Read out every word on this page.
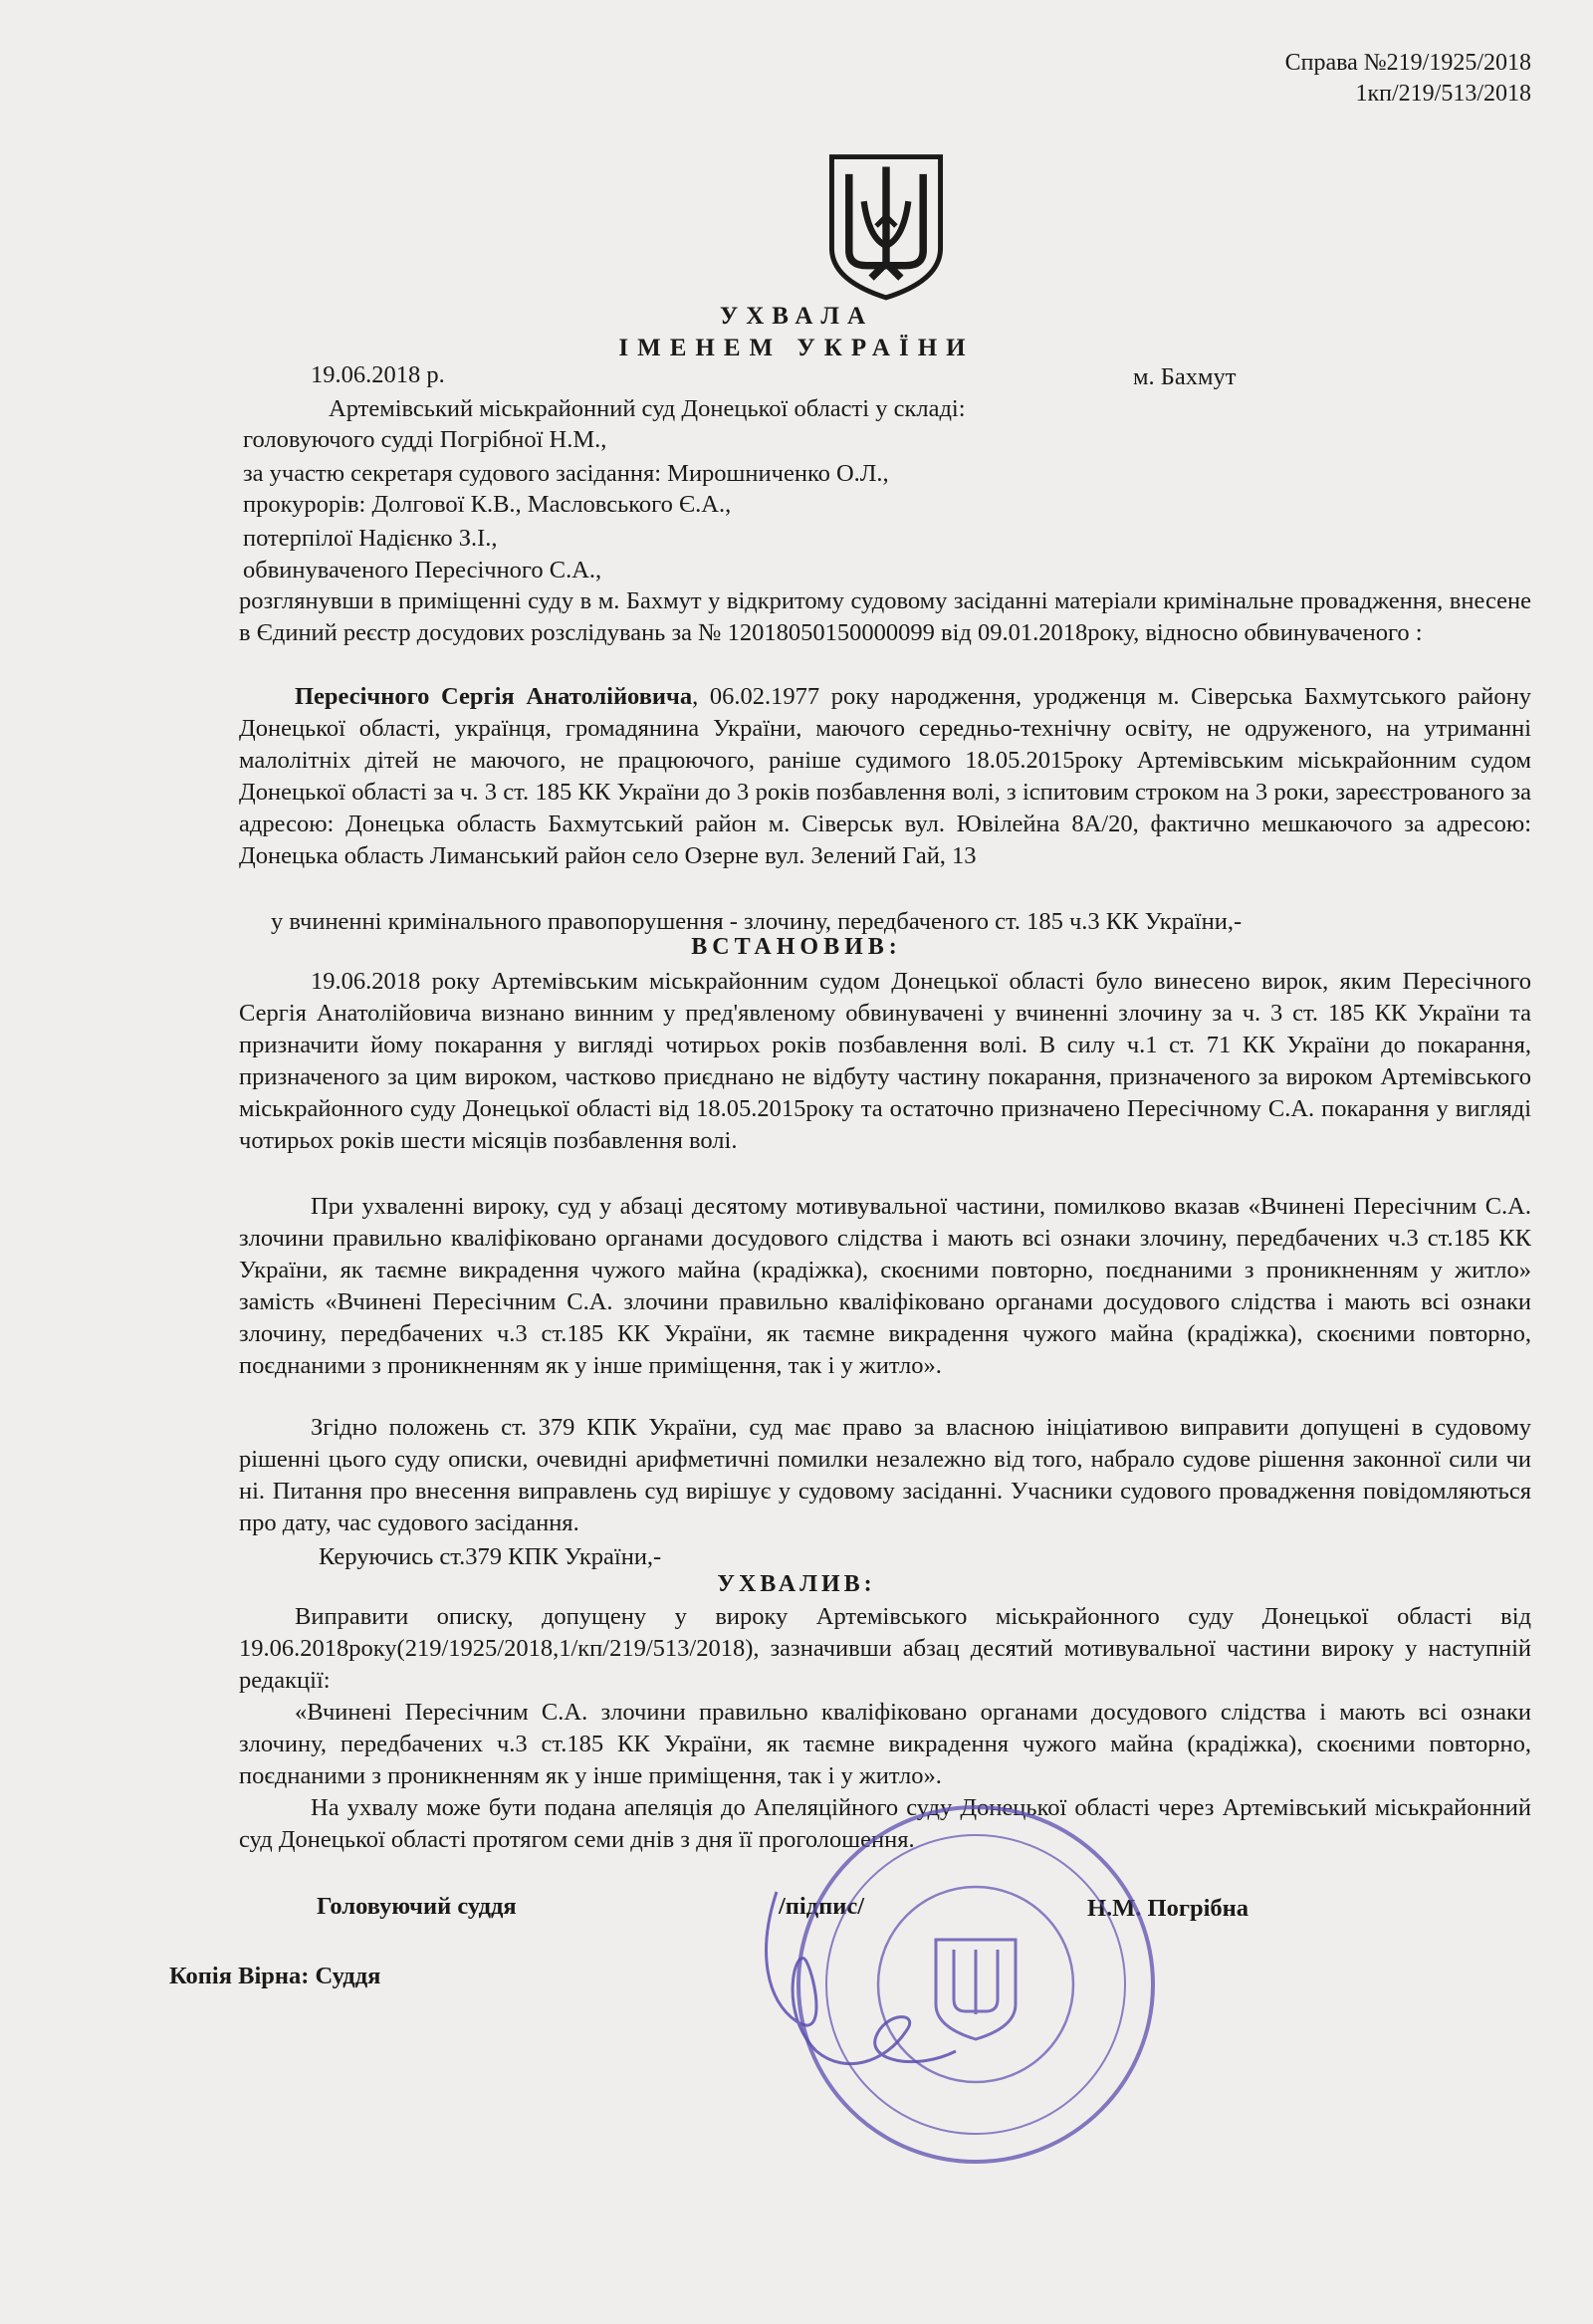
Справа №219/1925/2018
1кп/219/513/2018
УХВАЛА
ІМЕНЕМ УКРАЇНИ
19.06.2018 р.	м. Бахмут
Артемівський міськрайонний суд Донецької області у складі:
головуючого судді Погрібної Н.М.,
за участю секретаря судового засідання: Мирошниченко О.Л.,
прокурорів: Долгової К.В., Масловського Є.А.,
потерпілої Надієнко З.І.,
обвинуваченого Пересічного С.А.,
розглянувши в приміщенні суду в м. Бахмут у відкритому судовому засіданні матеріали кримінальне провадження, внесене в Єдиний реєстр досудових розслідувань за № 12018050150000099 від 09.01.2018року, відносно обвинуваченого :
Пересічного Сергія Анатолійовича, 06.02.1977 року народження, уродженця м. Сіверська Бахмутського району Донецької області, українця, громадянина України, маючого середньо-технічну освіту, не одруженого, на утриманні малолітніх дітей не маючого, не працюючого, раніше судимого 18.05.2015року Артемівським міськрайонним судом Донецької області за ч. 3 ст. 185 КК України до 3 років позбавлення волі, з іспитовим строком на 3 роки, зареєстрованого за адресою: Донецька область Бахмутський район м. Сіверськ вул. Ювілейна 8А/20, фактично мешкаючого за адресою: Донецька область Лиманський район село Озерне вул. Зелений Гай, 13
у вчиненні кримінального правопорушення - злочину, передбаченого ст. 185 ч.3 КК України,-
ВСТАНОВИВ:
19.06.2018 року Артемівським міськрайонним судом Донецької області було винесено вирок, яким Пересічного Сергія Анатолійовича визнано винним у пред'явленому обвинувачені у вчиненні злочину за ч. 3 ст. 185 КК України та призначити йому покарання у вигляді чотирьох років позбавлення волі. В силу ч.1 ст. 71 КК України до покарання, призначеного за цим вироком, частково приєднано не відбуту частину покарання, призначеного за вироком Артемівського міськрайонного суду Донецької області від 18.05.2015року та остаточно призначено Пересічному С.А. покарання у вигляді чотирьох років шести місяців позбавлення волі.
При ухваленні вироку, суд у абзаці десятому мотивувальної частини, помилково вказав «Вчинені Пересічним С.А. злочини правильно кваліфіковано органами досудового слідства і мають всі ознаки злочину, передбачених ч.3 ст.185 КК України, як таємне викрадення чужого майна (крадіжка), скоєними повторно, поєднаними з проникненням у житло» замість «Вчинені Пересічним С.А. злочини правильно кваліфіковано органами досудового слідства і мають всі ознаки злочину, передбачених ч.3 ст.185 КК України, як таємне викрадення чужого майна (крадіжка), скоєними повторно, поєднаними з проникненням як у інше приміщення, так і у житло».
Згідно положень ст. 379 КПК України, суд має право за власною ініціативою виправити допущені в судовому рішенні цього суду описки, очевидні арифметичні помилки незалежно від того, набрало судове рішення законної сили чи ні. Питання про внесення виправлень суд вирішує у судовому засіданні. Учасники судового провадження повідомляються про дату, час судового засідання.
Керуючись ст.379 КПК України,-
УХВАЛИВ:
Виправити описку, допущену у вироку Артемівського міськрайонного суду Донецької області від 19.06.2018року(219/1925/2018,1/кп/219/513/2018), зазначивши абзац десятий мотивувальної частини вироку у наступній редакції:
«Вчинені Пересічним С.А. злочини правильно кваліфіковано органами досудового слідства і мають всі ознаки злочину, передбачених ч.3 ст.185 КК України, як таємне викрадення чужого майна (крадіжка), скоєними повторно, поєднаними з проникненням як у інше приміщення, так і у житло».
На ухвалу може бути подана апеляція до Апеляційного суду Донецької області через Артемівський міськрайонний суд Донецької області протягом семи днів з дня її проголошення.
Головуючий суддя	/підпис/	Н.М. Погрібна
Копія Вірна: Суддя
